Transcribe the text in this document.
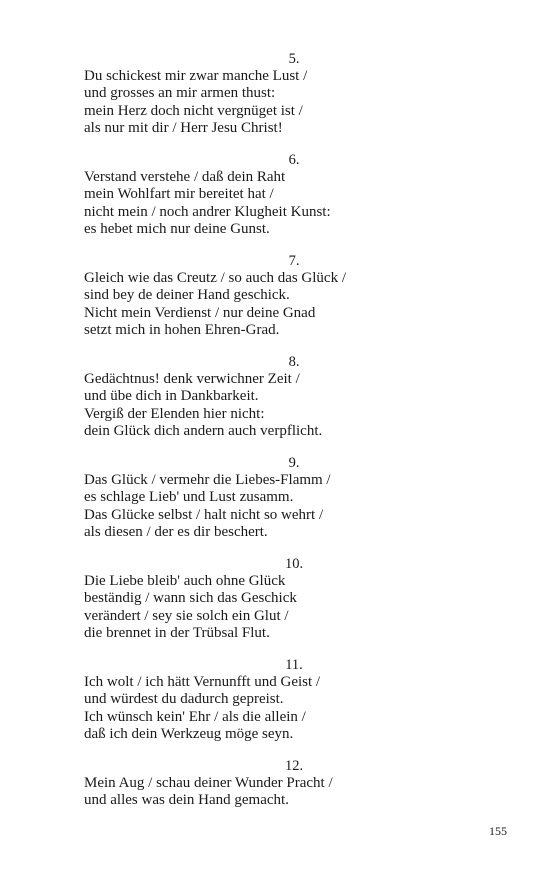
5.
Du schickest mir zwar manche Lust /
und grosses an mir armen thust:
mein Herz doch nicht vergnüget ist /
als nur mit dir / Herr Jesu Christ!
6.
Verstand verstehe / daß dein Raht
mein Wohlfart mir bereitet hat /
nicht mein / noch andrer Klugheit Kunst:
es hebet mich nur deine Gunst.
7.
Gleich wie das Creutz / so auch das Glück /
sind bey de deiner Hand geschick.
Nicht mein Verdienst / nur deine Gnad
setzt mich in hohen Ehren-Grad.
8.
Gedächtnus! denk verwichner Zeit /
und übe dich in Dankbarkeit.
Vergiß der Elenden hier nicht:
dein Glück dich andern auch verpflicht.
9.
Das Glück / vermehr die Liebes-Flamm /
es schlage Lieb' und Lust zusamm.
Das Glücke selbst / halt nicht so wehrt /
als diesen / der es dir beschert.
10.
Die Liebe bleib' auch ohne Glück
beständig / wann sich das Geschick
verändert / sey sie solch ein Glut /
die brennet in der Trübsal Flut.
11.
Ich wolt / ich hätt Vernunfft und Geist /
und würdest du dadurch gepreist.
Ich wünsch kein' Ehr / als die allein /
daß ich dein Werkzeug möge seyn.
12.
Mein Aug / schau deiner Wunder Pracht /
und alles was dein Hand gemacht.
155
